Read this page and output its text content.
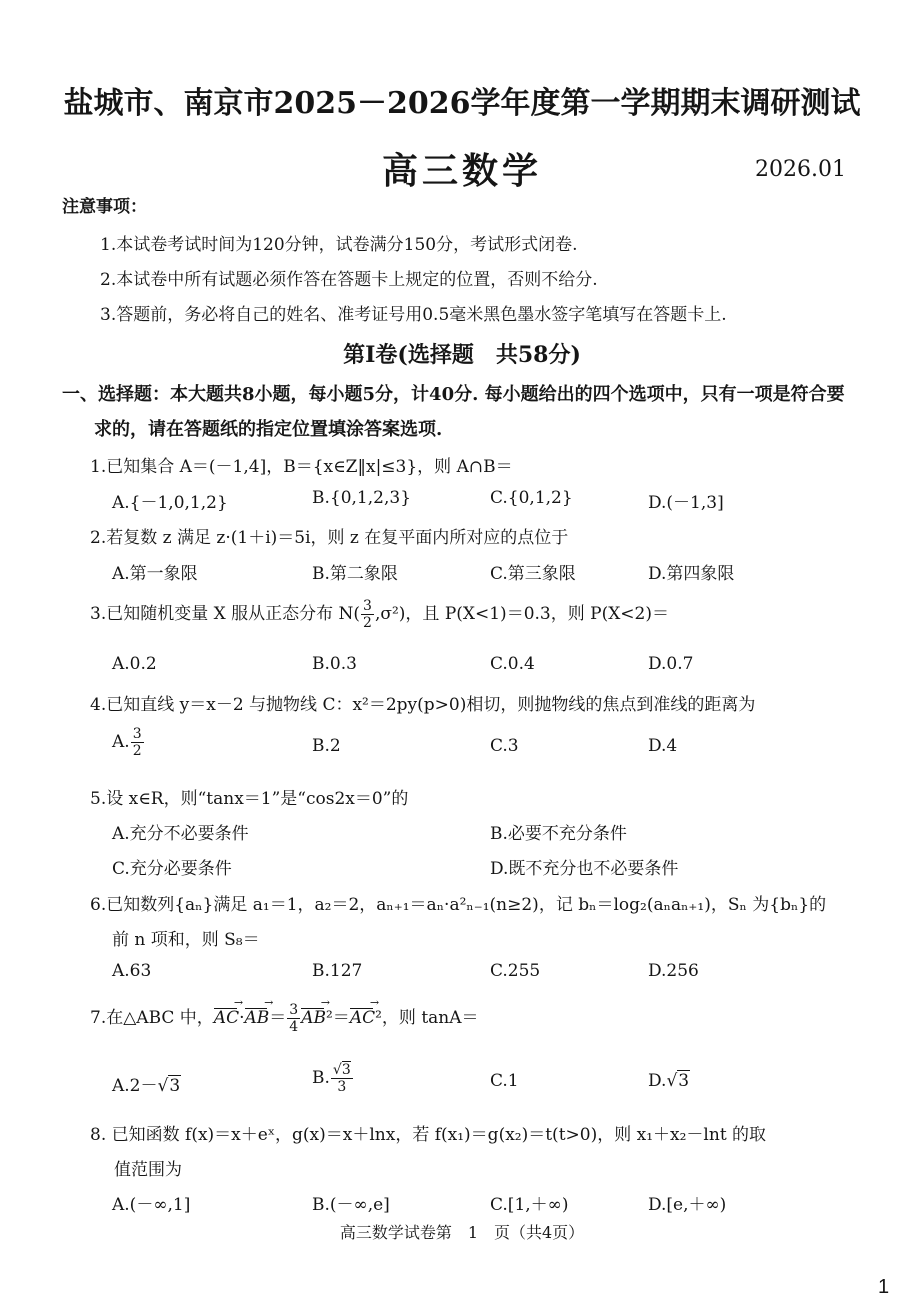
盐城市、南京市2025－2026学年度第一学期期末调研测试
高三数学	2026.01
注意事项：
1.本试卷考试时间为120分钟，试卷满分150分，考试形式闭卷.
2.本试卷中所有试题必须作答在答题卡上规定的位置，否则不给分.
3.答题前，务必将自己的姓名、准考证号用0.5毫米黑色墨水签字笔填写在答题卡上.
第Ⅰ卷(选择题　共58分)
一、选择题：本大题共8小题，每小题5分，计40分. 每小题给出的四个选项中，只有一项是符合要
求的，请在答题纸的指定位置填涂答案选项.
1.已知集合 A＝(－1,4]，B＝{x∈Z‖x|≤3}，则 A∩B＝
A.{－1,0,1,2}	B.{0,1,2,3}	C.{0,1,2}	D.(－1,3]
2.若复数 z 满足 z·(1＋i)＝5i，则 z 在复平面内所对应的点位于
A.第一象限	B.第二象限	C.第三象限	D.第四象限
3.已知随机变量 X 服从正态分布 $N( \frac{3}{2} ,\sigma^2)$，且 P(X<1)＝0.3，则 P(X<2)＝
A.0.2	B.0.3	C.0.4	D.0.7
4.已知直线 y＝x－2 与抛物线 C：x²＝2py(p>0)相切，则抛物线的焦点到准线的距离为
A. $\frac{3}{2}$	B.2	C.3	D.4
5.设 x∈R，则“tanx＝1”是“cos2x＝0”的
A.充分不必要条件	B.必要不充分条件
C.充分必要条件	D.既不充分也不必要条件
6.已知数列{aₙ}满足 a₁＝1，a₂＝2，aₙ₊₁＝aₙ·a²ₙ₋₁(n≥2)，记 bₙ＝log₂(aₙaₙ₊₁)，Sₙ 为{bₙ}的
前 n 项和，则 S₈＝
A.63	B.127	C.255	D.256
7.在△ABC 中，→ $AC\cdot\to AB= \frac{3}{4}$
→ AB²＝→ AC²，则 tanA＝
A.2－√3	B. $\frac{√3}{3}$	C.1	D.√3
8. 已知函数 f(x)＝x＋eˣ，g(x)＝x＋lnx，若 f(x₁)＝g(x₂)＝t(t>0)，则 x₁＋x₂－lnt 的取
值范围为
A.(－∞,1]	B.(－∞,e]	C.[1,＋∞)	D.[e,＋∞)
高三数学试卷第　1　页（共4页）
1
